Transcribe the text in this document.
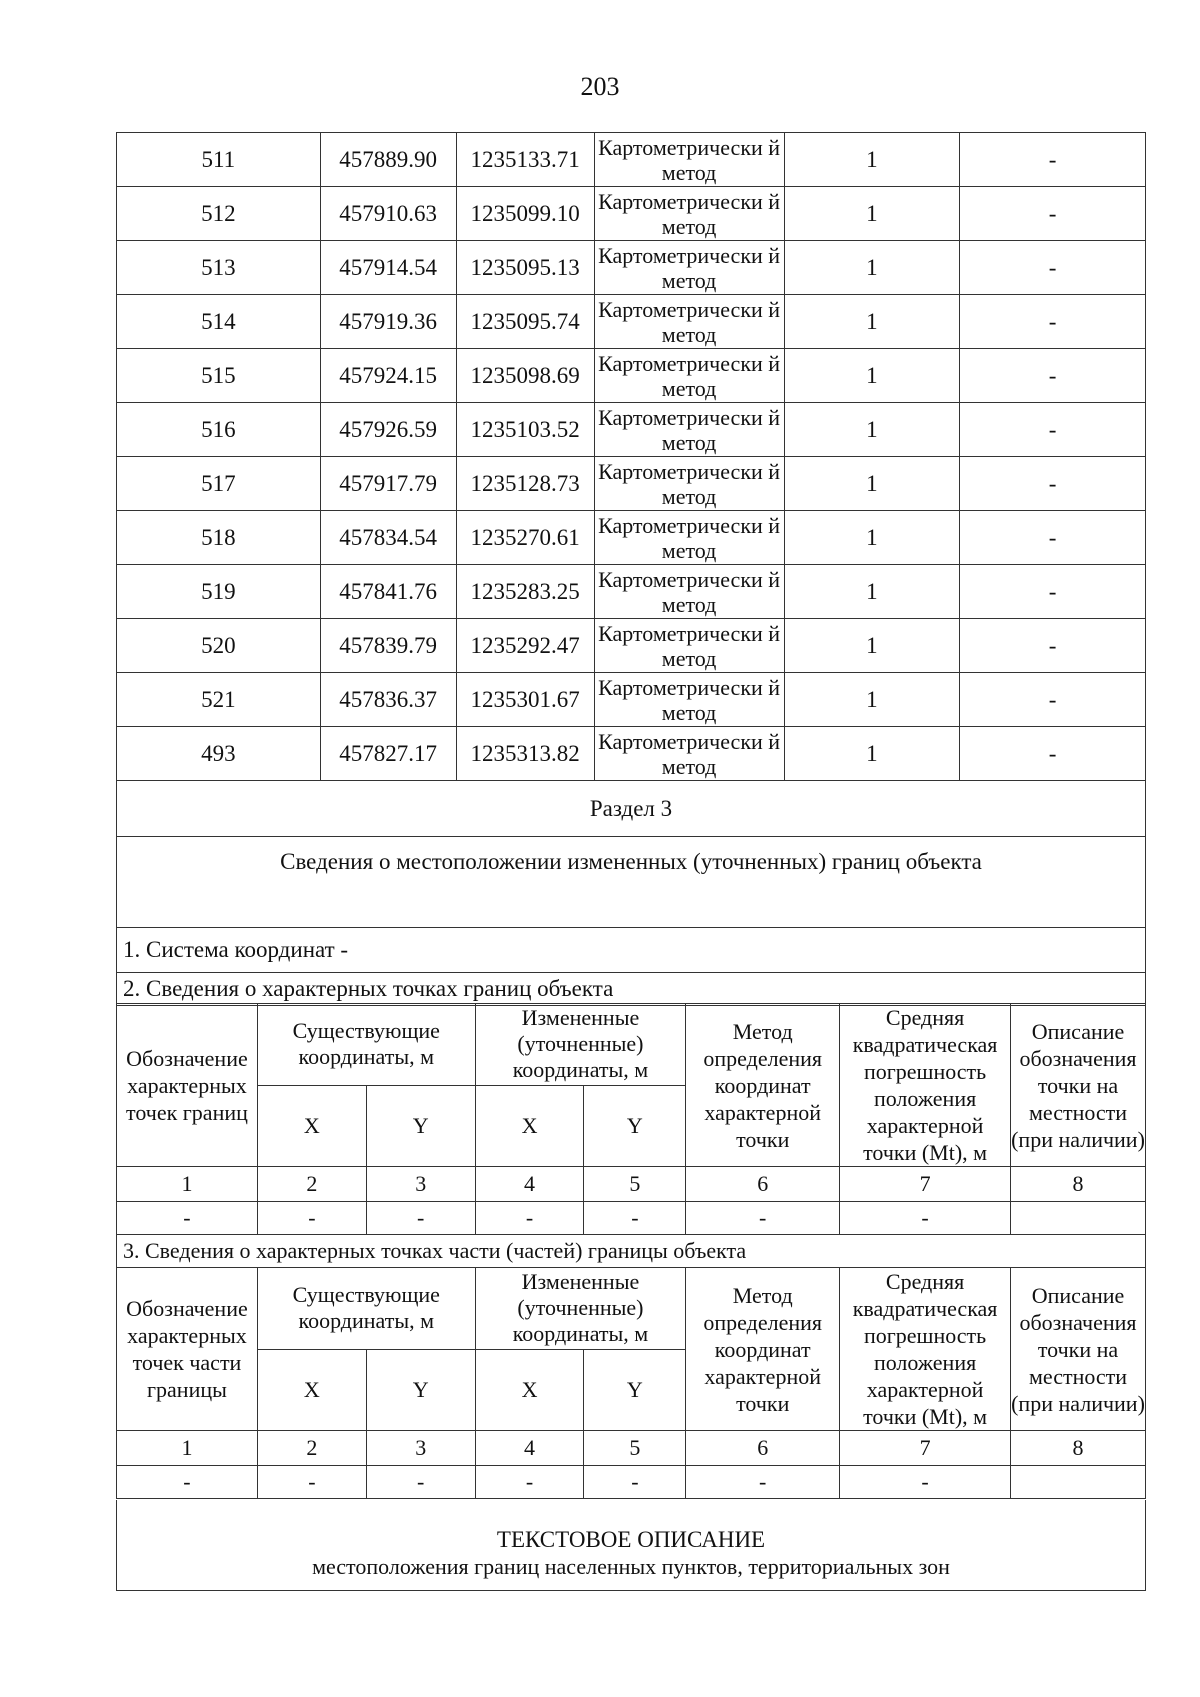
203
511	457889.90	1235133.71	Картометрически й метод	1	-
512	457910.63	1235099.10	Картометрически й метод	1	-
513	457914.54	1235095.13	Картометрически й метод	1	-
514	457919.36	1235095.74	Картометрически й метод	1	-
515	457924.15	1235098.69	Картометрически й метод	1	-
516	457926.59	1235103.52	Картометрически й метод	1	-
517	457917.79	1235128.73	Картометрически й метод	1	-
518	457834.54	1235270.61	Картометрически й метод	1	-
519	457841.76	1235283.25	Картометрически й метод	1	-
520	457839.79	1235292.47	Картометрически й метод	1	-
521	457836.37	1235301.67	Картометрически й метод	1	-
493	457827.17	1235313.82	Картометрически й метод	1	-
Раздел 3					
Сведения о местоположении измененных (уточненных) границ объекта					
1. Система координат -					
2. Сведения о характерных точках границ объекта					
Обозначение характерных точек границ	Существующие координаты, м		Измененные (уточненные) координаты, м		Метод определения координат характерной точки	Средняя квадратическая погрешность положения характерной точки (Mt), м	Описание обозначения точки на местности (при наличии)
	X	Y	X	Y			
1	2	3	4	5	6	7	8
-	-	-	-	-	-	-	
3. Сведения о характерных точках части (частей) границы объекта
Обозначение характерных точек части границы	Существующие координаты, м		Измененные (уточненные) координаты, м		Метод определения координат характерной точки	Средняя квадратическая погрешность положения характерной точки (Mt), м	Описание обозначения точки на местности (при наличии)
	X	Y	X	Y			
1	2	3	4	5	6	7	8
-	-	-	-	-	-	-	
ТЕКСТОВОЕ ОПИСАНИЕ
местоположения границ населенных пунктов, территориальных зон
